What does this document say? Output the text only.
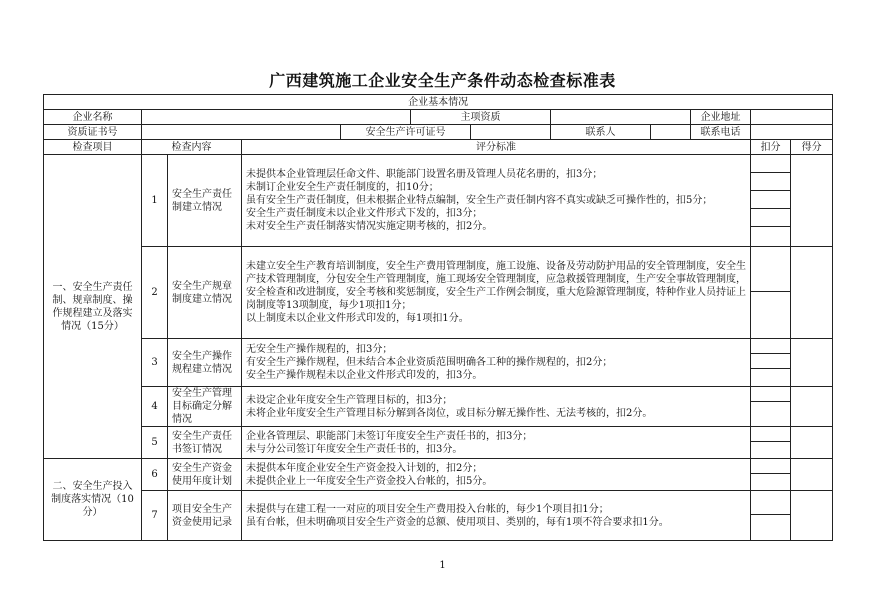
广西建筑施工企业安全生产条件动态检查标准表
企业基本情况											
企业名称					主项资质				企业地址		
资质证书号				安全生产许可证号			联系人		联系电话		
检查项目	检查内容		评分标准							扣分	得分
一、安全生产责任制、规章制度、操作规程建立及落实情况（15分）	1	安全生产责任制建立情况	未提供本企业管理层任命文件、职能部门设置名册及管理人员花名册的，扣3分；
未制订企业安全生产责任制度的，扣10分；
虽有安全生产责任制度，但未根据企业特点编制，安全生产责任制内容不真实或缺乏可操作性的，扣5分；
安全生产责任制度未以企业文件形式下发的，扣3分；
未对安全生产责任制落实情况实施定期考核的，扣2分。								

	2	安全生产规章制度建立情况	未建立安全生产教育培训制度，安全生产费用管理制度，施工设施、设备及劳动防护用品的安全管理制度，安全生产技术管理制度，分包安全生产管理制度，施工现场安全管理制度，应急救援管理制度，生产安全事故管理制度，安全检查和改进制度，安全考核和奖惩制度，安全生产工作例会制度，重大危险源管理制度，特种作业人员持证上岗制度等13项制度，每少1项扣1分；
以上制度未以企业文件形式印发的，每1项扣1分。								

	3	安全生产操作规程建立情况	无安全生产操作规程的，扣3分；
有安全生产操作规程，但未结合本企业资质范围明确各工种的操作规程的，扣2分；
安全生产操作规程未以企业文件形式印发的，扣3分。								

	4	安全生产管理目标确定分解情况	未设定企业年度安全生产管理目标的，扣3分；
未将企业年度安全生产管理目标分解到各岗位，或目标分解无操作性、无法考核的，扣2分。								

	5	安全生产责任书签订情况	企业各管理层、职能部门未签订年度安全生产责任书的，扣3分；
未与分公司签订年度安全生产责任书的，扣3分。								

二、安全生产投入制度落实情况（10分）	6	安全生产资金使用年度计划	未提供本年度企业安全生产资金投入计划的，扣2分；
未提供企业上一年度安全生产资金投入台帐的，扣5分。								

	7	项目安全生产资金使用记录	未提供与在建工程一一对应的项目安全生产费用投入台帐的，每少1个项目扣1分；
虽有台帐，但未明确项目安全生产资金的总额、使用项目、类别的，每有1项不符合要求扣1分。								

1
